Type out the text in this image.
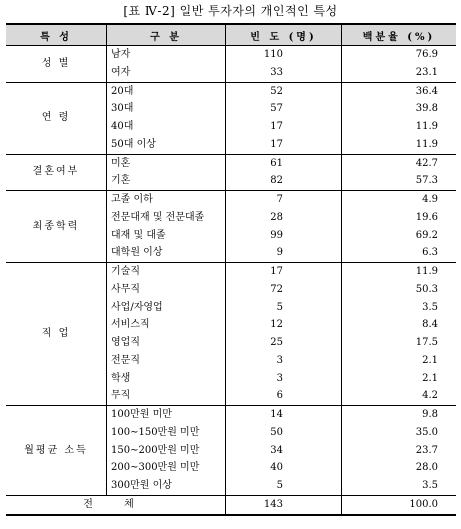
[표 Ⅳ-2] 일반 투자자의 개인적인 특성
특 성	구 분	빈 도 (명)	백분율 (%)
성 별	남자	110	76.9
	여자	33	23.1
연 령	20대	52	36.4
	30대	57	39.8
	40대	17	11.9
	50대 이상	17	11.9
결혼여부	미혼	61	42.7
	기혼	82	57.3
최종학력	고졸 이하	7	4.9
	전문대재 및 전문대졸	28	19.6
	대재 및 대졸	99	69.2
	대학원 이상	9	6.3
직 업	기술직	17	11.9
	사무직	72	50.3
	사업/자영업	5	3.5
	서비스직	12	8.4
	영업직	25	17.5
	전문직	3	2.1
	학생	3	2.1
	무직	6	4.2
월평균 소득	100만원 미만	14	9.8
	100∼150만원 미만	50	35.0
	150∼200만원 미만	34	23.7
	200∼300만원 미만	40	28.0
	300만원 이상	5	3.5
전 체		143	100.0
